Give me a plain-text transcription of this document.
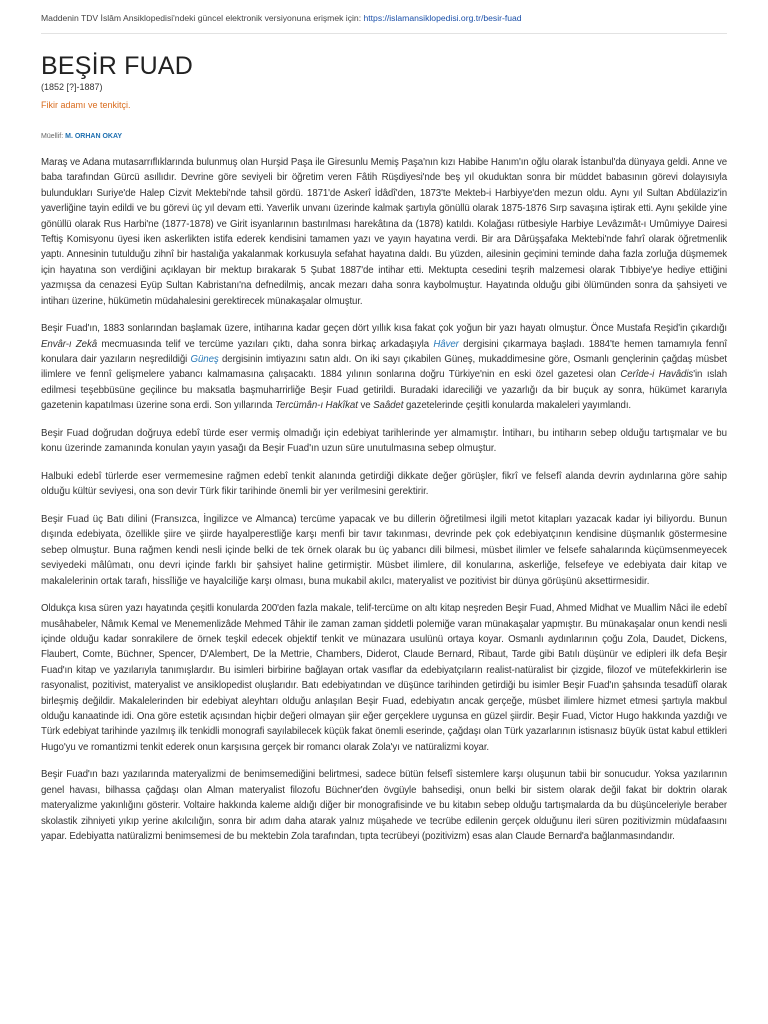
Maddenin TDV İslâm Ansiklopedisi'ndeki güncel elektronik versiyonuna erişmek için: https://islamansiklopedisi.org.tr/besir-fuad
BEŞİR FUAD
(1852 [?]-1887)
Fikir adamı ve tenkitçi.
Müellif: M. ORHAN OKAY

Maraş ve Adana mutasarrıflıklarında bulunmuş olan Hurşid Paşa ile Giresunlu Memiş Paşa'nın kızı Habibe Hanım'ın oğlu olarak İstanbul'da dünyaya geldi. Anne ve baba tarafından Gürcü asıllıdır. Devrine göre seviyeli bir öğretim veren Fâtih Rüşdiyesi'nde beş yıl okuduktan sonra bir müddet babasının görevi dolayısıyla bulundukları Suriye'de Halep Cizvit Mektebi'nde tahsil gördü. 1871'de Askerî İdâdî'den, 1873'te Mekteb-i Harbiyye'den mezun oldu. Aynı yıl Sultan Abdülaziz'in yaverliğine tayin edildi ve bu görevi üç yıl devam etti. Yaverlik unvanı üzerinde kalmak şartıyla gönüllü olarak 1875-1876 Sırp savaşına iştirak etti. Aynı şekilde yine gönüllü olarak Rus Harbi'ne (1877-1878) ve Girit isyanlarının bastırılması harekâtına da (1878) katıldı. Kolağası rütbesiyle Harbiye Levâzımât-ı Umûmiyye Dairesi Teftiş Komisyonu üyesi iken askerlikten istifa ederek kendisini tamamen yazı ve yayın hayatına verdi. Bir ara Dârüşşafaka Mektebi'nde fahrî olarak öğretmenlik yaptı. Annesinin tutulduğu zihnî bir hastalığa yakalanmak korkusuyla sefahat hayatına daldı. Bu yüzden, ailesinin geçimini teminde daha fazla zorluğa düşmemek için hayatına son verdiğini açıklayan bir mektup bırakarak 5 Şubat 1887'de intihar etti. Mektupta cesedini teşrih malzemesi olarak Tıbbiye'ye hediye ettiğini yazmışsa da cenazesi Eyüp Sultan Kabristanı'na defnedilmiş, ancak mezarı daha sonra kaybolmuştur. Hayatında olduğu gibi ölümünden sonra da şahsiyeti ve intiharı üzerine, hükümetin müdahalesini gerektirecek münakaşalar olmuştur.

Beşir Fuad'ın, 1883 sonlarından başlamak üzere, intiharına kadar geçen dört yıllık kısa fakat çok yoğun bir yazı hayatı olmuştur. Önce Mustafa Reşid'in çıkardığı Envâr-ı Zekâ mecmuasında telif ve tercüme yazıları çıktı, daha sonra birkaç arkadaşıyla Hâver dergisini çıkarmaya başladı. 1884'te hemen tamamıyla fennî konulara dair yazıların neşredildiği Güneş dergisinin imtiyazını satın aldı. On iki sayı çıkabilen Güneş, mukaddimesine göre, Osmanlı gençlerinin çağdaş müsbet ilimlere ve fennî gelişmelere yabancı kalmamasına çalışacaktı. 1884 yılının sonlarına doğru Türkiye'nin en eski özel gazetesi olan Cerîde-i Havâdis'in ıslah edilmesi teşebbüsüne geçilince bu maksatla başmuharrirliğe Beşir Fuad getirildi. Buradaki idareciliği ve yazarlığı da bir buçuk ay sonra, hükümet kararıyla gazetenin kapatılması üzerine sona erdi. Son yıllarında Tercümân-ı Hakîkat ve Saâdet gazetelerinde çeşitli konularda makaleleri yayımlandı.

Beşir Fuad doğrudan doğruya edebî türde eser vermiş olmadığı için edebiyat tarihlerinde yer almamıştır. İntiharı, bu intiharın sebep olduğu tartışmalar ve bu konu üzerinde zamanında konulan yayın yasağı da Beşir Fuad'ın uzun süre unutulmasına sebep olmuştur.

Halbuki edebî türlerde eser vermemesine rağmen edebî tenkit alanında getirdiği dikkate değer görüşler, fikrî ve felsefî alanda devrin aydınlarına göre sahip olduğu kültür seviyesi, ona son devir Türk fikir tarihinde önemli bir yer verilmesini gerektirir.

Beşir Fuad üç Batı dilini (Fransızca, İngilizce ve Almanca) tercüme yapacak ve bu dillerin öğretilmesi ilgili metot kitapları yazacak kadar iyi biliyordu. Bunun dışında edebiyata, özellikle şiire ve şiirde hayalperestliğe karşı menfi bir tavır takınması, devrinde pek çok edebiyatçının kendisine düşmanlık göstermesine sebep olmuştur. Buna rağmen kendi nesli içinde belki de tek örnek olarak bu üç yabancı dili bilmesi, müsbet ilimler ve felsefe sahalarında küçümsenmeyecek seviyedeki mâlûmatı, onu devri içinde farklı bir şahsiyet haline getirmiştir. Müsbet ilimlere, dil konularına, askerliğe, felsefeye ve edebiyata dair kitap ve makalelerinin ortak tarafı, hissîliğe ve hayalciliğe karşı olması, buna mukabil akılcı, materyalist ve pozitivist bir dünya görüşünü aksettirmesidir.

Oldukça kısa süren yazı hayatında çeşitli konularda 200'den fazla makale, telif-tercüme on altı kitap neşreden Beşir Fuad, Ahmed Midhat ve Muallim Nâci ile edebî musâhabeler, Nâmık Kemal ve Menemenlizâde Mehmed Tâhir ile zaman zaman şiddetli polemiğe varan münakaşalar yapmıştır. Bu münakaşalar onun kendi nesli içinde olduğu kadar sonrakilere de örnek teşkil edecek objektif tenkit ve münazara usulünü ortaya koyar. Osmanlı aydınlarının çoğu Zola, Daudet, Dickens, Flaubert, Comte, Büchner, Spencer, D'Alembert, De la Mettrie, Chambers, Diderot, Claude Bernard, Ribaut, Tarde gibi Batılı düşünür ve edipleri ilk defa Beşir Fuad'ın kitap ve yazılarıyla tanımışlardır. Bu isimleri birbirine bağlayan ortak vasıflar da edebiyatçıların realist-natüralist bir çizgide, filozof ve mütefekkirlerin ise rasyonalist, pozitivist, materyalist ve ansiklopedist oluşlarıdır. Batı edebiyatından ve düşünce tarihinden getirdiği bu isimler Beşir Fuad'ın şahsında tesadüfî olarak birleşmiş değildir. Makalelerinden bir edebiyat aleyhtarı olduğu anlaşılan Beşir Fuad, edebiyatın ancak gerçeğe, müsbet ilimlere hizmet etmesi şartıyla makbul olduğu kanaatinde idi. Ona göre estetik açısından hiçbir değeri olmayan şiir eğer gerçeklere uygunsa en güzel şiirdir. Beşir Fuad, Victor Hugo hakkında yazdığı ve Türk edebiyat tarihinde yazılmış ilk tenkidli monografi sayılabilecek küçük fakat önemli eserinde, çağdaşı olan Türk yazarlarının istisnasız büyük üstat kabul ettikleri Hugo'yu ve romantizmi tenkit ederek onun karşısına gerçek bir romancı olarak Zola'yı ve natüralizmi koyar.

Beşir Fuad'ın bazı yazılarında materyalizmi de benimsemediğini belirtmesi, sadece bütün felsefî sistemlere karşı oluşunun tabii bir sonucudur. Yoksa yazılarının genel havası, bilhassa çağdaşı olan Alman materyalist filozofu Büchner'den övgüyle bahsedişi, onun belki bir sistem olarak değil fakat bir doktrin olarak materyalizme yakınlığını gösterir. Voltaire hakkında kaleme aldığı diğer bir monografisinde ve bu kitabın sebep olduğu tartışmalarda da bu düşünceleriyle beraber skolastik zihniyeti yıkıp yerine akılcılığın, sonra bir adım daha atarak yalnız müşahede ve tecrübe edilenin gerçek olduğunu ileri süren pozitivizmin müdafaasını yapar. Edebiyatta natüralizmi benimsemesi de bu mektebin Zola tarafından, tıpta tecrübeyi (pozitivizm) esas alan Claude Bernard'a bağlanmasındandır.
